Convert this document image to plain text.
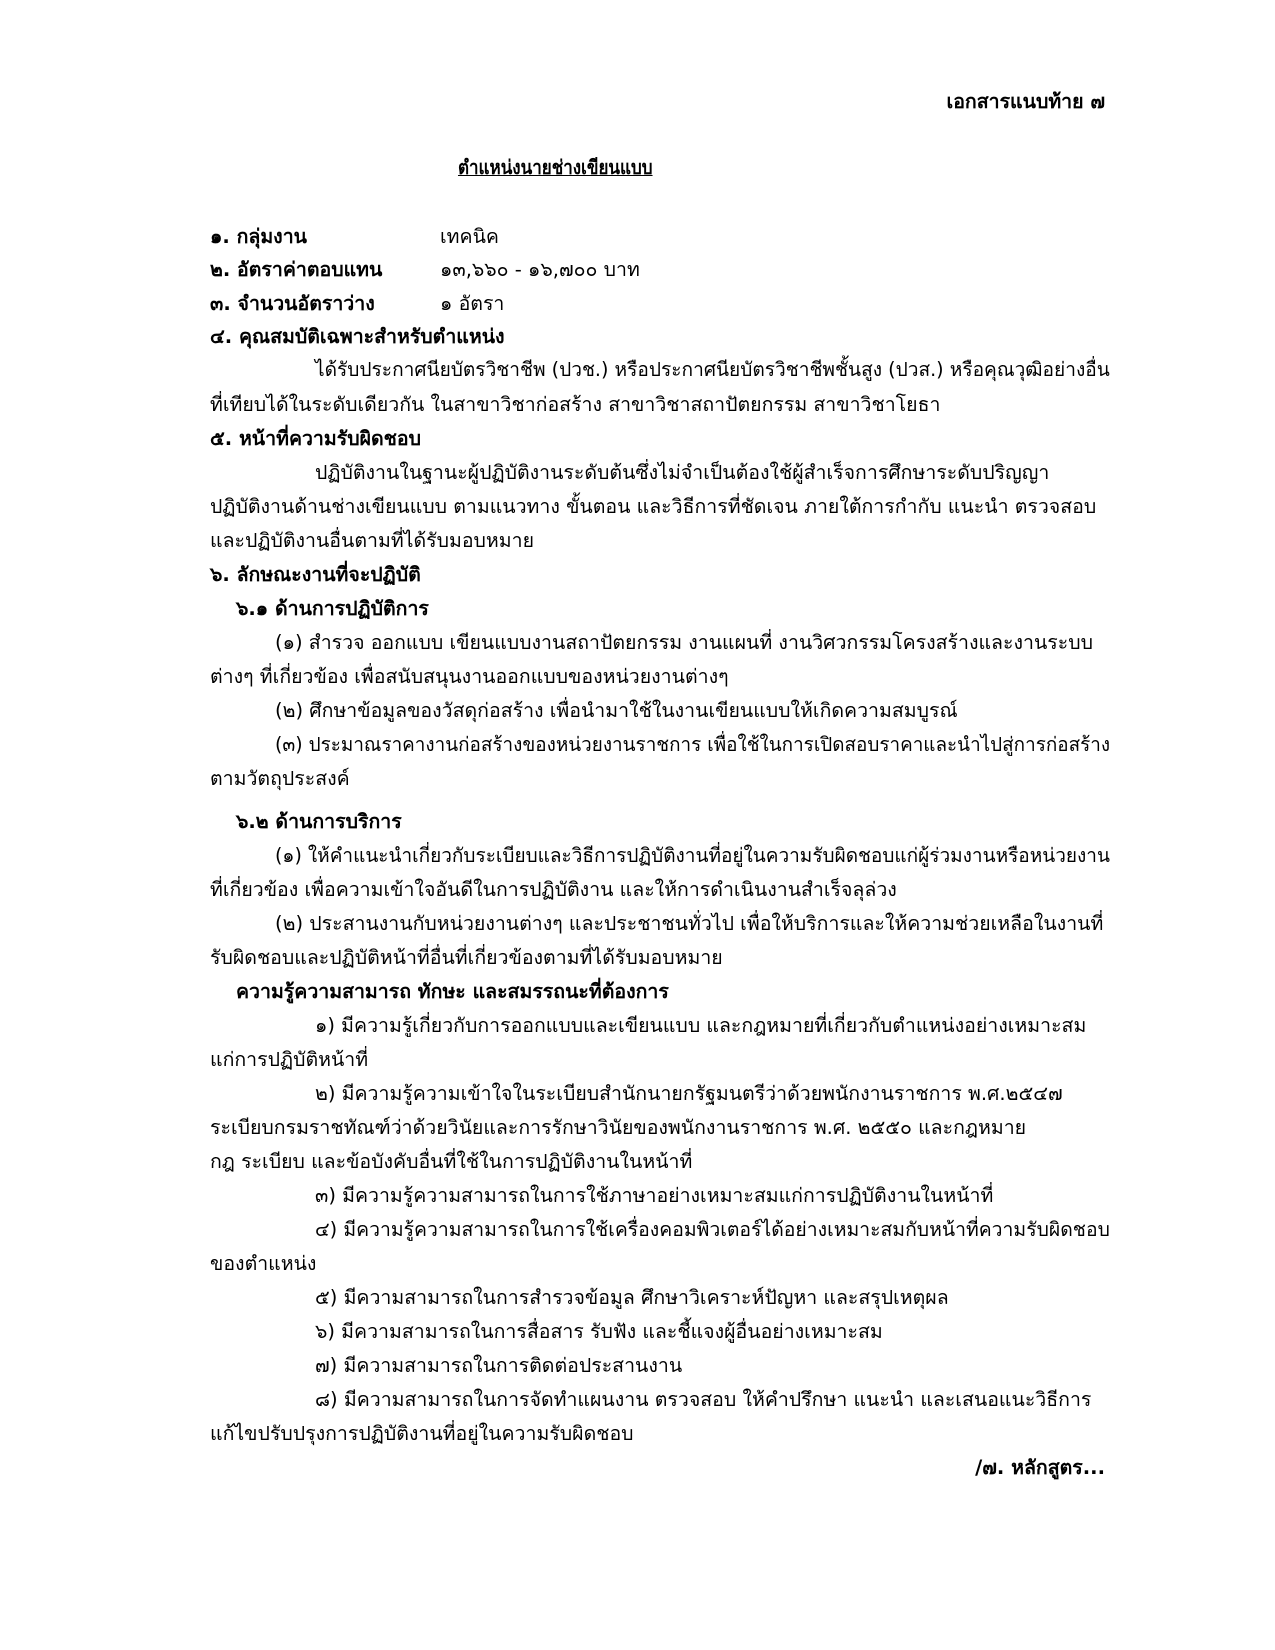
เอกสารแนบท้าย ๗
ตำแหน่งนายช่างเขียนแบบ
๑. กลุ่มงาน	เทคนิค
๒. อัตราค่าตอบแทน	๑๓,๖๖๐ - ๑๖,๗๐๐ บาท
๓. จำนวนอัตราว่าง	๑ อัตรา
๔. คุณสมบัติเฉพาะสำหรับตำแหน่ง
ได้รับประกาศนียบัตรวิชาชีพ (ปวช.) หรือประกาศนียบัตรวิชาชีพชั้นสูง (ปวส.) หรือคุณวุฒิอย่างอื่น
ที่เทียบได้ในระดับเดียวกัน ในสาขาวิชาก่อสร้าง สาขาวิชาสถาปัตยกรรม สาขาวิชาโยธา
๕. หน้าที่ความรับผิดชอบ
ปฏิบัติงานในฐานะผู้ปฏิบัติงานระดับต้นซึ่งไม่จำเป็นต้องใช้ผู้สำเร็จการศึกษาระดับปริญญา
ปฏิบัติงานด้านช่างเขียนแบบ ตามแนวทาง ขั้นตอน และวิธีการที่ชัดเจน ภายใต้การกำกับ แนะนำ ตรวจสอบ
และปฏิบัติงานอื่นตามที่ได้รับมอบหมาย
๖. ลักษณะงานที่จะปฏิบัติ
๖.๑ ด้านการปฏิบัติการ
(๑) สำรวจ ออกแบบ เขียนแบบงานสถาปัตยกรรม งานแผนที่ งานวิศวกรรมโครงสร้างและงานระบบ
ต่างๆ ที่เกี่ยวข้อง เพื่อสนับสนุนงานออกแบบของหน่วยงานต่างๆ
(๒) ศึกษาข้อมูลของวัสดุก่อสร้าง เพื่อนำมาใช้ในงานเขียนแบบให้เกิดความสมบูรณ์
(๓) ประมาณราคางานก่อสร้างของหน่วยงานราชการ เพื่อใช้ในการเปิดสอบราคาและนำไปสู่การก่อสร้าง
ตามวัตถุประสงค์
๖.๒ ด้านการบริการ
(๑) ให้คำแนะนำเกี่ยวกับระเบียบและวิธีการปฏิบัติงานที่อยู่ในความรับผิดชอบแก่ผู้ร่วมงานหรือหน่วยงาน
ที่เกี่ยวข้อง เพื่อความเข้าใจอันดีในการปฏิบัติงาน และให้การดำเนินงานสำเร็จลุล่วง
(๒) ประสานงานกับหน่วยงานต่างๆ และประชาชนทั่วไป เพื่อให้บริการและให้ความช่วยเหลือในงานที่
รับผิดชอบและปฏิบัติหน้าที่อื่นที่เกี่ยวข้องตามที่ได้รับมอบหมาย
ความรู้ความสามารถ ทักษะ และสมรรถนะที่ต้องการ
๑) มีความรู้เกี่ยวกับการออกแบบและเขียนแบบ และกฎหมายที่เกี่ยวกับตำแหน่งอย่างเหมาะสม
แก่การปฏิบัติหน้าที่
๒) มีความรู้ความเข้าใจในระเบียบสำนักนายกรัฐมนตรีว่าด้วยพนักงานราชการ พ.ศ.๒๕๔๗
ระเบียบกรมราชทัณฑ์ว่าด้วยวินัยและการรักษาวินัยของพนักงานราชการ พ.ศ. ๒๕๕๐ และกฎหมาย
กฎ ระเบียบ และข้อบังคับอื่นที่ใช้ในการปฏิบัติงานในหน้าที่
๓) มีความรู้ความสามารถในการใช้ภาษาอย่างเหมาะสมแก่การปฏิบัติงานในหน้าที่
๔) มีความรู้ความสามารถในการใช้เครื่องคอมพิวเตอร์ได้อย่างเหมาะสมกับหน้าที่ความรับผิดชอบ
ของตำแหน่ง
๕) มีความสามารถในการสำรวจข้อมูล ศึกษาวิเคราะห์ปัญหา และสรุปเหตุผล
๖) มีความสามารถในการสื่อสาร รับฟัง และชี้แจงผู้อื่นอย่างเหมาะสม
๗) มีความสามารถในการติดต่อประสานงาน
๘) มีความสามารถในการจัดทำแผนงาน ตรวจสอบ ให้คำปรึกษา แนะนำ และเสนอแนะวิธีการ
แก้ไขปรับปรุงการปฏิบัติงานที่อยู่ในความรับผิดชอบ
/๗. หลักสูตร...
